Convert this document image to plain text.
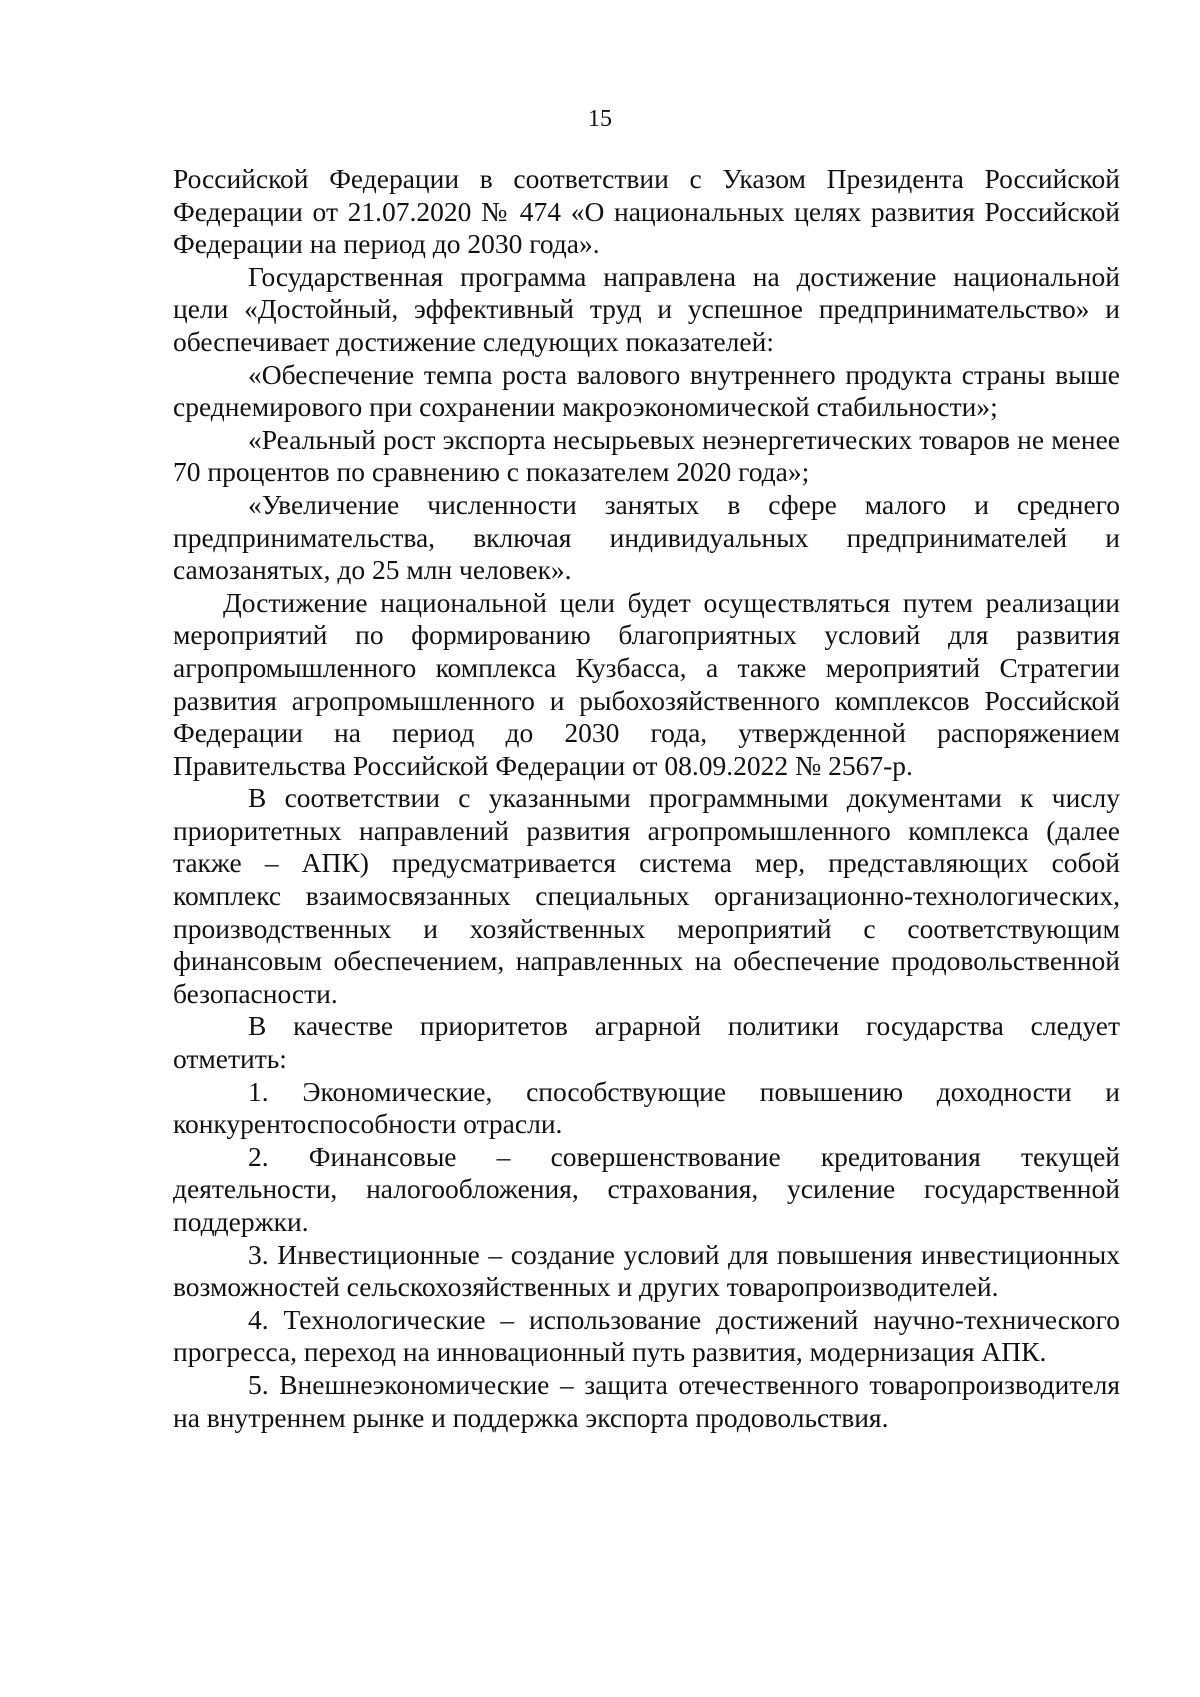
15

Российской Федерации в соответствии с Указом Президента Российской Федерации от 21.07.2020 № 474 «О национальных целях развития Российской Федерации на период до 2030 года».

Государственная программа направлена на достижение национальной цели «Достойный, эффективный труд и успешное предпринимательство» и обеспечивает достижение следующих показателей:

«Обеспечение темпа роста валового внутреннего продукта страны выше среднемирового при сохранении макроэкономической стабильности»;

«Реальный рост экспорта несырьевых неэнергетических товаров не менее 70 процентов по сравнению с показателем 2020 года»;

«Увеличение численности занятых в сфере малого и среднего предпринимательства, включая индивидуальных предпринимателей и самозанятых, до 25 млн человек».

Достижение национальной цели будет осуществляться путем реализации мероприятий по формированию благоприятных условий для развития агропромышленного комплекса Кузбасса, а также мероприятий Стратегии развития агропромышленного и рыбохозяйственного комплексов Российской Федерации на период до 2030 года, утвержденной распоряжением Правительства Российской Федерации от 08.09.2022 № 2567-р.

В соответствии с указанными программными документами к числу приоритетных направлений развития агропромышленного комплекса (далее также – АПК) предусматривается система мер, представляющих собой комплекс взаимосвязанных специальных организационно-технологических, производственных и хозяйственных мероприятий с соответствующим финансовым обеспечением, направленных на обеспечение продовольственной безопасности.

В качестве приоритетов аграрной политики государства следует отметить:

1. Экономические, способствующие повышению доходности и конкурентоспособности отрасли.

2. Финансовые – совершенствование кредитования текущей деятельности, налогообложения, страхования, усиление государственной поддержки.

3. Инвестиционные – создание условий для повышения инвестиционных возможностей сельскохозяйственных и других товаропроизводителей.

4. Технологические – использование достижений научно-технического прогресса, переход на инновационный путь развития, модернизация АПК.

5. Внешнеэкономические – защита отечественного товаропроизводителя на внутреннем рынке и поддержка экспорта продовольствия.
